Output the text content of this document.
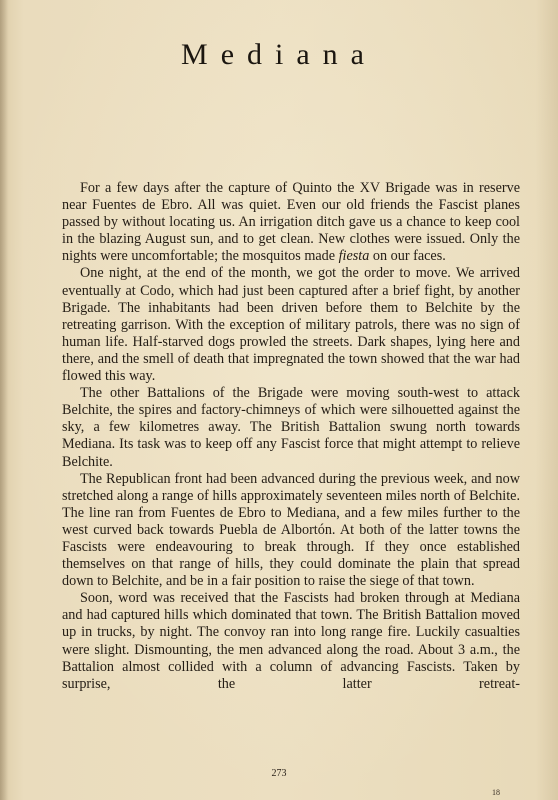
Mediana

For a few days after the capture of Quinto the XV Brigade was in reserve near Fuentes de Ebro. All was quiet. Even our old friends the Fascist planes passed by without locating us. An irrigation ditch gave us a chance to keep cool in the blazing August sun, and to get clean. New clothes were issued. Only the nights were uncomfortable; the mosquitos made fiesta on our faces.

One night, at the end of the month, we got the order to move. We arrived eventually at Codo, which had just been captured after a brief fight, by another Brigade. The inhabitants had been driven before them to Belchite by the retreating garrison. With the exception of military patrols, there was no sign of human life. Half-starved dogs prowled the streets. Dark shapes, lying here and there, and the smell of death that impregnated the town showed that the war had flowed this way.

The other Battalions of the Brigade were moving south-west to attack Belchite, the spires and factory-chimneys of which were silhouetted against the sky, a few kilometres away. The British Battalion swung north towards Mediana. Its task was to keep off any Fascist force that might attempt to relieve Belchite.

The Republican front had been advanced during the previous week, and now stretched along a range of hills approximately seventeen miles north of Belchite. The line ran from Fuentes de Ebro to Mediana, and a few miles further to the west curved back towards Puebla de Albortón. At both of the latter towns the Fascists were endeavouring to break through. If they once established themselves on that range of hills, they could dominate the plain that spread down to Belchite, and be in a fair position to raise the siege of that town.

Soon, word was received that the Fascists had broken through at Mediana and had captured hills which dominated that town. The British Battalion moved up in trucks, by night. The convoy ran into long range fire. Luckily casualties were slight. Dismounting, the men advanced along the road. About 3 a.m., the Battalion almost collided with a column of advancing Fascists. Taken by surprise, the latter retreat-

273
18
